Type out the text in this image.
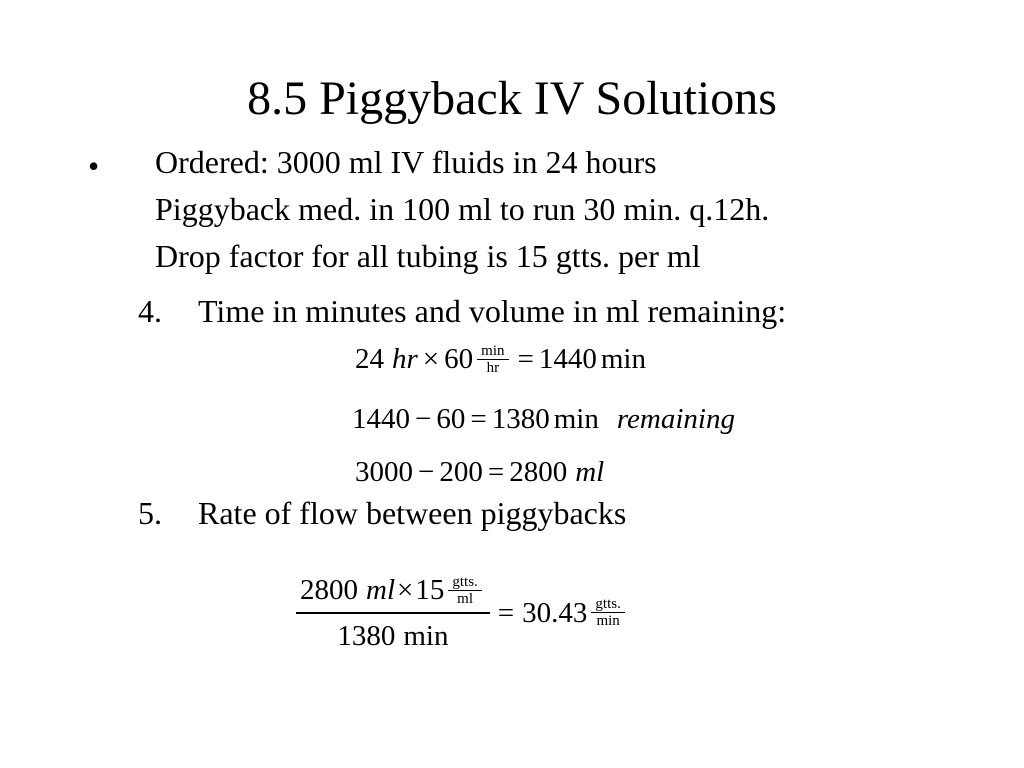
8.5 Piggyback IV Solutions
• Ordered: 3000 ml IV fluids in 24 hours
Piggyback med. in 100 ml to run 30 min. q.12h.
Drop factor for all tubing is 15 gtts. per ml
4. Time in minutes and volume in ml remaining:
24 hr × $60 \frac{\min}{hr} = 1440$ min
1440 − 60 = 1380 min remaining
3000 − 200 = 2800 ml
5. Rate of flow between piggybacks
2800 ml × $15 \frac{\text{gtts.}}{ml}$
1380 min
= $30.43 \frac{\text{gtts.}}{\min}$
